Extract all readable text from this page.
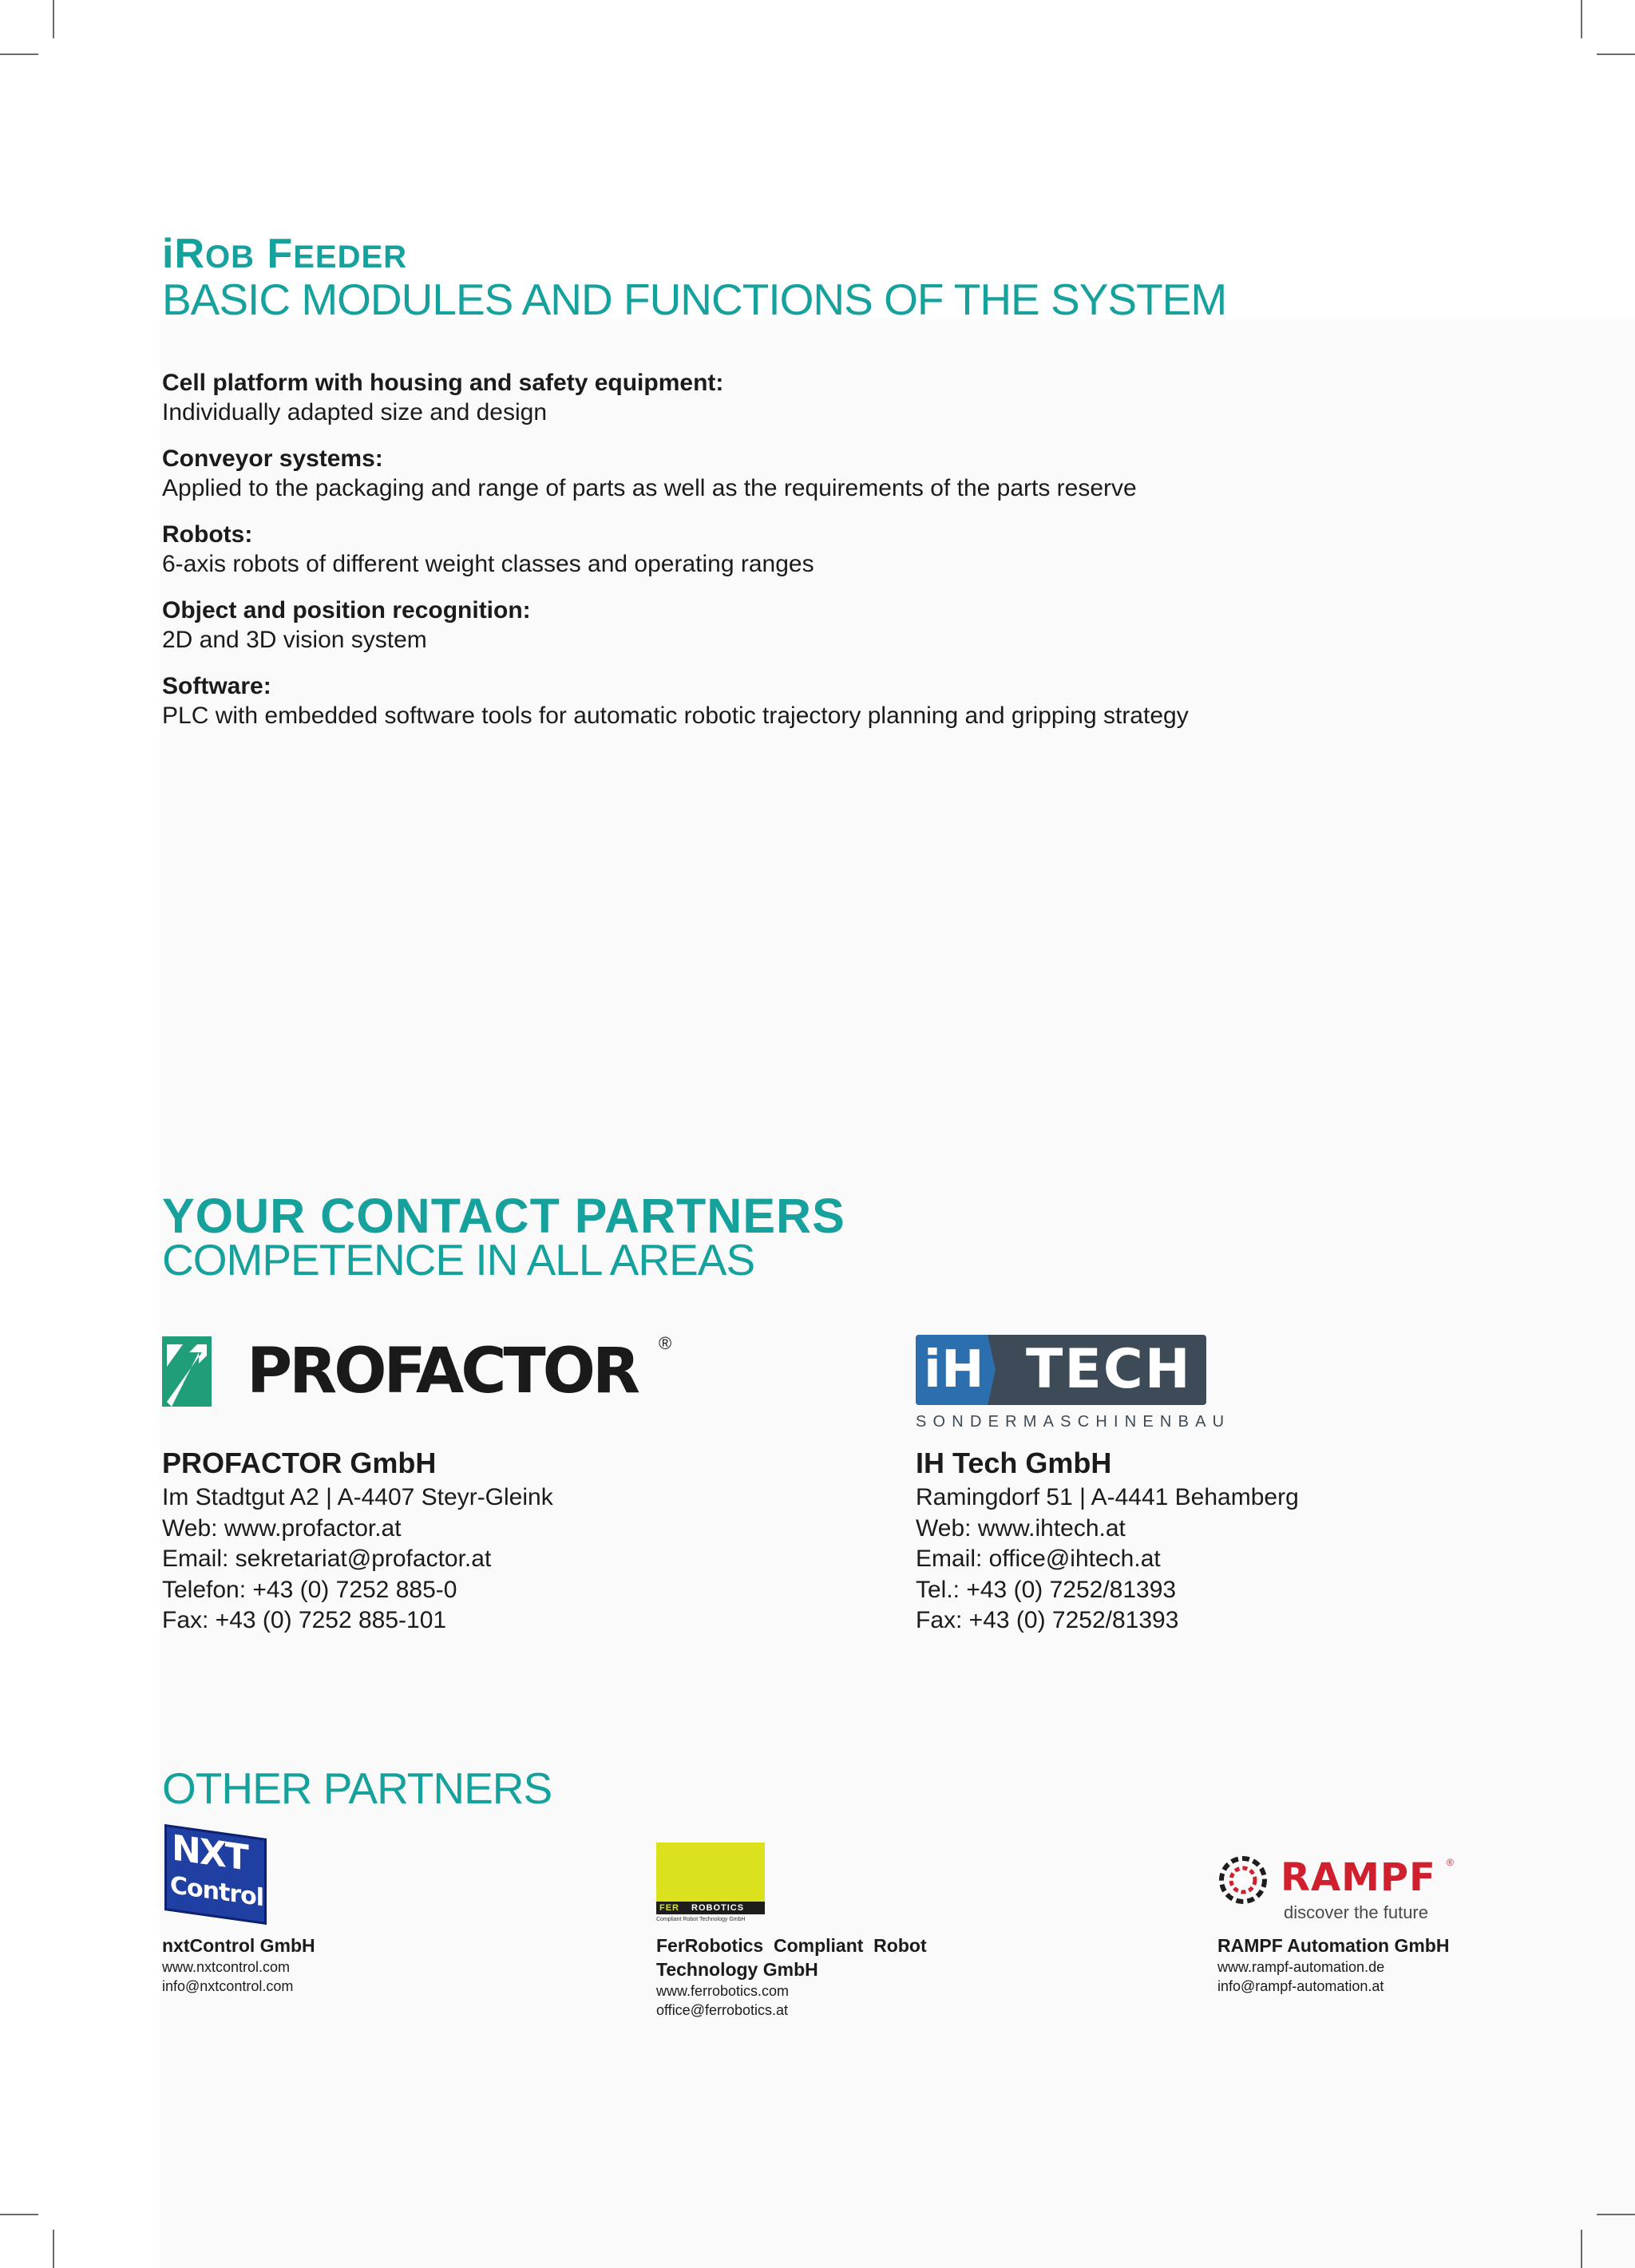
iROB FEEDER
BASIC MODULES AND FUNCTIONS OF THE SYSTEM
Cell platform with housing and safety equipment:
Individually adapted size and design
Conveyor systems:
Applied to the packaging and range of parts as well as the requirements of the parts reserve
Robots:
6-axis robots of different weight classes and operating ranges
Object and position recognition:
2D and 3D vision system
Software:
PLC with embedded software tools for automatic robotic trajectory planning and gripping strategy
YOUR CONTACT PARTNERS
COMPETENCE IN ALL AREAS
PROFACTOR ®	iH TECH
SONDERMASCHINENBAU
PROFACTOR GmbH
Im Stadtgut A2 | A-4407 Steyr-Gleink
Web: www.profactor.at
Email: sekretariat@profactor.at
Telefon: +43 (0) 7252 885-0
Fax: +43 (0) 7252 885-101
IH Tech GmbH
Ramingdorf 51 | A-4441 Behamberg
Web: www.ihtech.at
Email: office@ihtech.at
Tel.: +43 (0) 7252/81393
Fax: +43 (0) 7252/81393
OTHER PARTNERS
NXT
Control	FER ROBOTICS
Compliant Robot Technology GmbH
RAMPF ®
discover the future
nxtControl GmbH
www.nxtcontrol.com
info@nxtcontrol.com
FerRobotics  Compliant  Robot
Technology GmbH
www.ferrobotics.com
office@ferrobotics.at
RAMPF Automation GmbH
www.rampf-automation.de
info@rampf-automation.at
